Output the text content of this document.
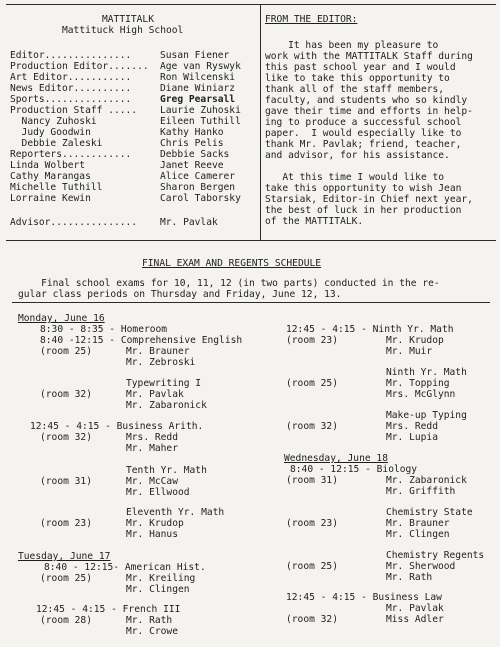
MATTITALK
Mattituck High School
Editor...............	Susan Fiener
Production Editor....... Age van Ryswyk
Art Editor...........	Ron Wilcenski
News Editor..........	Diane Winiarz
Sports...............	Greg Pearsall
Production Staff ..... Laurie Zuhoski
Nancy Zuhoski	Eileen Tuthill
Judy Goodwin	Kathy Hanko
Debbie Zaleski	Chris Pelis
Reporters............	Debbie Sacks
Linda Wolbert	Janet Reeve
Cathy Marangas	Alice Camerer
Michelle Tuthill	Sharon Bergen
Lorraine Kewin	Carol Taborsky
Advisor............... Mr. Pavlak
FROM THE EDITOR:
It has been my pleasure to
work with the MATTITALK Staff during
this past school year and I would
like to take this opportunity to
thank all of the staff members,
faculty, and students who so kindly
gave their time and efforts in help-
ing to produce a successful school
paper.  I would especially like to
thank Mr. Pavlak; friend, teacher,
and advisor, for his assistance.
At this time I would like to
take this opportunity to wish Jean
Starsiak, Editor-in Chief next year,
the best of luck in her production
of the MATTITALK.
FINAL EXAM AND REGENTS SCHEDULE
Final school exams for 10, 11, 12 (in two parts) conducted in the re-
gular class periods on Thursday and Friday, June 12, 13.
Monday, June 16
8:30 - 8:35 - Homeroom
8:40 -12:15 - Comprehensive English
(room 25)	Mr. Brauner
Mr. Zebroski
Typewriting I
(room 32)	Mr. Pavlak
Mr. Zabaronick
12:45 - 4:15 - Business Arith.
(room 32)	Mrs. Redd
Mr. Maher
Tenth Yr. Math
(room 31)	Mr. McCaw
Mr. Ellwood
Eleventh Yr. Math
(room 23)	Mr. Krudop
Mr. Hanus
Tuesday, June 17
8:40 - 12:15- American Hist.
(room 25)	Mr. Kreiling
Mr. Clingen
12:45 - 4:15 - French III
(room 28)	Mr. Rath
Mr. Crowe
12:45 - 4:15 - Ninth Yr. Math
(room 23)	Mr. Krudop
Mr. Muir
Ninth Yr. Math
(room 25)	Mr. Topping
Mrs. McGlynn
Make-up Typing
(room 32)	Mrs. Redd
Mr. Lupia
Wednesday, June 18
8:40 - 12:15 - Biology
(room 31)	Mr. Zabaronick
Mr. Griffith
Chemistry State
(room 23)	Mr. Brauner
Mr. Clingen
Chemistry Regents
(room 25)	Mr. Sherwood
Mr. Rath
12:45 - 4:15 - Business Law
(room 32)
Mr. Pavlak
Miss Adler
